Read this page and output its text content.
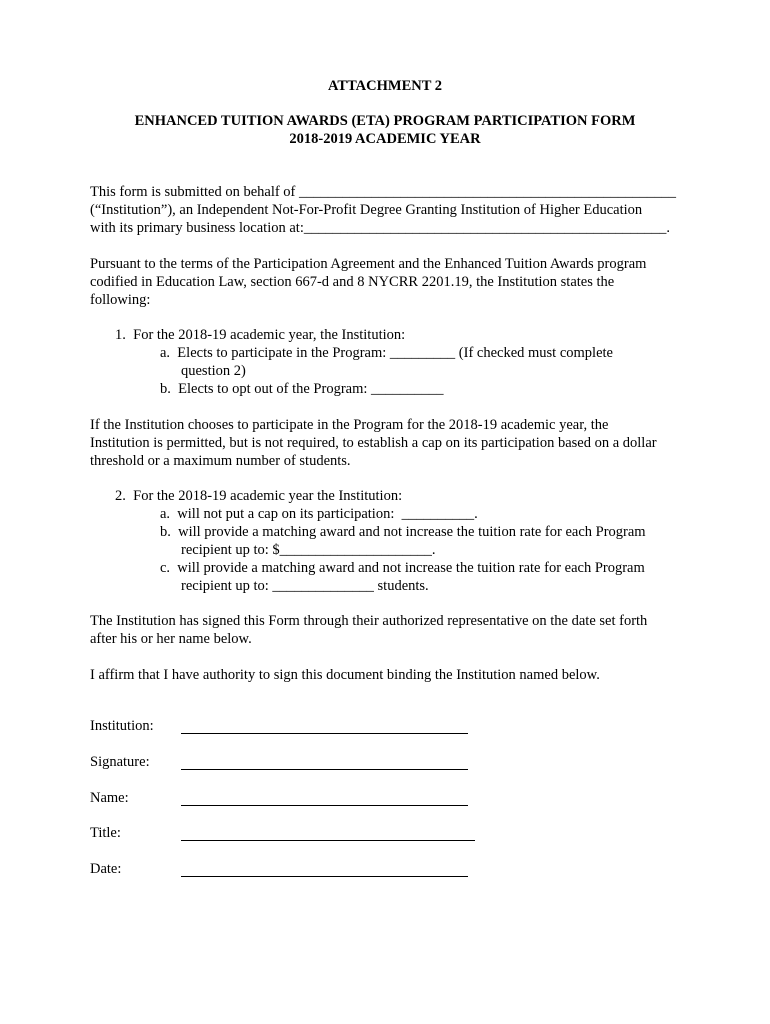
ATTACHMENT 2
ENHANCED TUITION AWARDS (ETA) PROGRAM PARTICIPATION FORM
2018-2019 ACADEMIC YEAR
This form is submitted on behalf of ____________________________________________________
(“Institution”), an Independent Not-For-Profit Degree Granting Institution of Higher Education
with its primary business location at:__________________________________________________.
Pursuant to the terms of the Participation Agreement and the Enhanced Tuition Awards program
codified in Education Law, section 667-d and 8 NYCRR 2201.19, the Institution states the
following:
1.  For the 2018-19 academic year, the Institution:
a.  Elects to participate in the Program: _________ (If checked must complete
question 2)
b.  Elects to opt out of the Program: __________
If the Institution chooses to participate in the Program for the 2018-19 academic year, the
Institution is permitted, but is not required, to establish a cap on its participation based on a dollar
threshold or a maximum number of students.
2.  For the 2018-19 academic year the Institution:
a.  will not put a cap on its participation:  __________.
b.  will provide a matching award and not increase the tuition rate for each Program
recipient up to: $_____________________.
c.  will provide a matching award and not increase the tuition rate for each Program
recipient up to: ______________ students.
The Institution has signed this Form through their authorized representative on the date set forth
after his or her name below.
I affirm that I have authority to sign this document binding the Institution named below.
Institution:
Signature:
Name:
Title:
Date:
